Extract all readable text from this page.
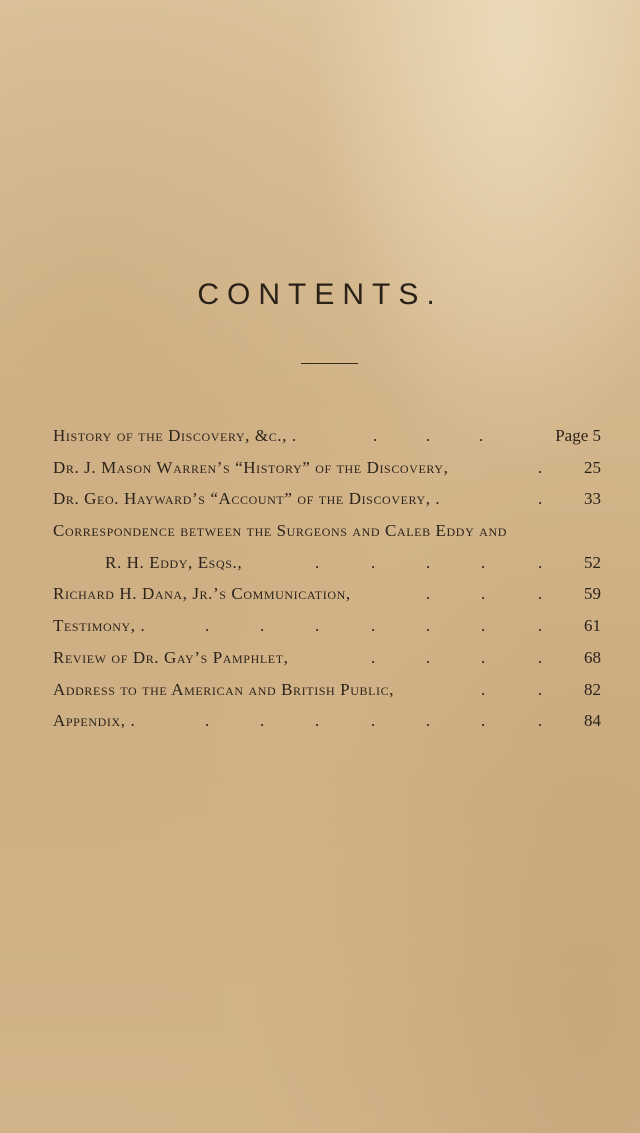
CONTENTS.
History of the Discovery, &c., .	.	.	.	Page 5
Dr. J. Mason Warren’s “History” of the Discovery,	. 25
Dr. Geo. Hayward’s “Account” of the Discovery, .	. 33
Correspondence between the Surgeons and Caleb Eddy and
R. H. Eddy, Esqs.,	.	.	.	.	. 52
Richard H. Dana, Jr.’s Communication,	.	.	. 59
Testimony, .	.	.	.	.	.	.	. 61
Review of Dr. Gay’s Pamphlet,	.	.	.	. 68
Address to the American and British Public,	.	. 82
Appendix, .	.	.	.	.	.	.	. 84
